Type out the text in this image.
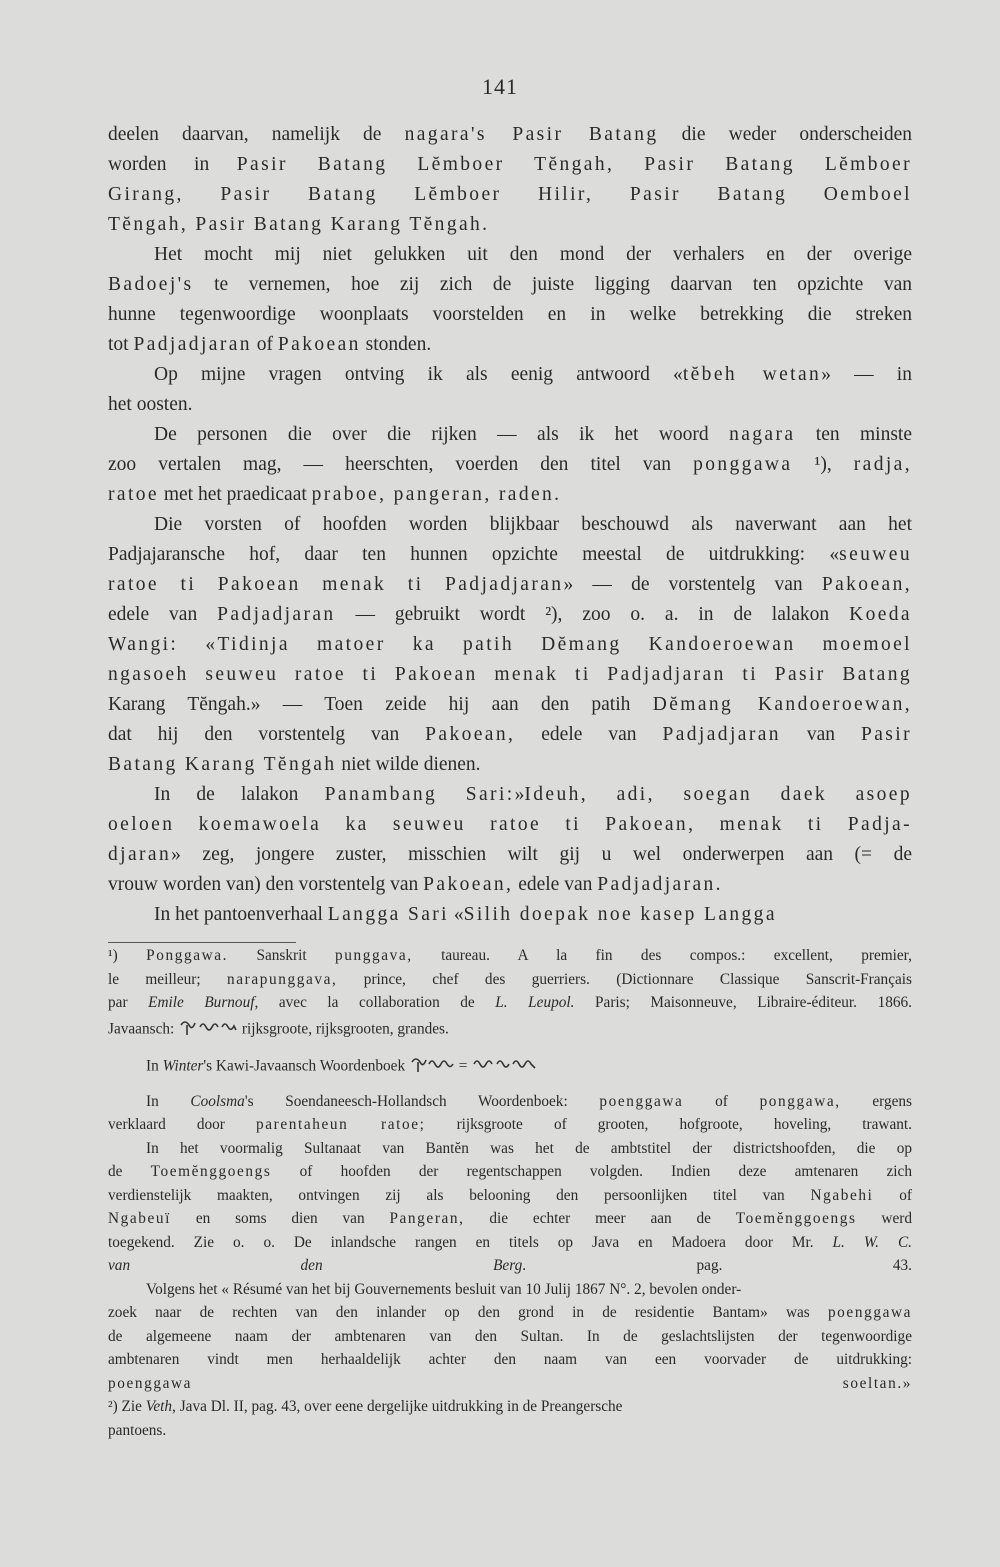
141
deelen daarvan, namelijk de nagara's Pasir Batang die weder onderscheiden
worden in Pasir Batang Lĕmboer Tĕngah, Pasir Batang Lĕmboer
Girang, Pasir Batang Lĕmboer Hilir, Pasir Batang Oemboel
Tĕngah, Pasir Batang Karang Tĕngah.
Het mocht mij niet gelukken uit den mond der verhalers en der overige
Badoej's te vernemen, hoe zij zich de juiste ligging daarvan ten opzichte van
hunne tegenwoordige woonplaats voorstelden en in welke betrekking die streken
tot Padjadjaran of Pakoean stonden.
Op mijne vragen ontving ik als eenig antwoord «tĕbeh wetan» — in
het oosten.
De personen die over die rijken — als ik het woord nagara ten minste
zoo vertalen mag, — heerschten, voerden den titel van ponggawa ¹), radja,
ratoe met het praedicaat praboe, pangeran, raden.
Die vorsten of hoofden worden blijkbaar beschouwd als naverwant aan het
Padjajaransche hof, daar ten hunnen opzichte meestal de uitdrukking: «seuweu
ratoe ti Pakoean menak ti Padjadjaran» — de vorstentelg van Pakoean,
edele van Padjadjaran — gebruikt wordt ²), zoo o. a. in de lalakon Koeda
Wangi: «Tidinja matoer ka patih Dĕmang Kandoeroewan moemoel
ngasoeh seuweu ratoe ti Pakoean menak ti Padjadjaran ti Pasir Batang
Karang Tĕngah.» — Toen zeide hij aan den patih Dĕmang Kandoeroewan,
dat hij den vorstentelg van Pakoean, edele van Padjadjaran van Pasir
Batang Karang Tĕngah niet wilde dienen.
In de lalakon Panambang Sari:»Ideuh, adi, soegan daek asoep
oeloen koemawoela ka seuweu ratoe ti Pakoean, menak ti Padja-
djaran» zeg, jongere zuster, misschien wilt gij u wel onderwerpen aan (= de
vrouw worden van) den vorstentelg van Pakoean, edele van Padjadjaran.
In het pantoenverhaal Langga Sari «Silih doepak noe kasep Langga
¹) Ponggawa. Sanskrit punggava, taureau. A la fin des compos.: excellent, premier,
le meilleur; narapunggava, prince, chef des guerriers. (Dictionnare Classique Sanscrit-Français
par Emile Burnouf, avec la collaboration de L. Leupol. Paris; Maisonneuve, Libraire-éditeur. 1866.
Javaansch:	rijksgroote, rijksgrooten, grandes.
In Winter's Kawi-Javaansch Woordenboek	=
In Coolsma's Soendaneesch-Hollandsch Woordenboek: poenggawa of ponggawa, ergens
verklaard door parentaheun ratoe; rijksgroote of grooten, hofgroote, hoveling, trawant.
In het voormalig Sultanaat van Bantĕn was het de ambtstitel der districtshoofden, die op
de Toemĕnggoengs of hoofden der regentschappen volgden. Indien deze amtenaren zich
verdienstelijk maakten, ontvingen zij als belooning den persoonlijken titel van Ngabehi of
Ngabeuï en soms dien van Pangeran, die echter meer aan de Toemĕnggoengs werd
toegekend. Zie o. o. De inlandsche rangen en titels op Java en Madoera door Mr. L. W. C.
van den Berg. pag. 43.
Volgens het « Résumé van het bij Gouvernements besluit van 10 Julij 1867 N°. 2, bevolen onder-
zoek naar de rechten van den inlander op den grond in de residentie Bantam» was poenggawa
de algemeene naam der ambtenaren van den Sultan. In de geslachtslijsten der tegenwoordige
ambtenaren vindt men herhaaldelijk achter den naam van een voorvader de uitdrukking:
poenggawa soeltan.»
²) Zie Veth, Java Dl. II, pag. 43, over eene dergelijke uitdrukking in de Preangersche
pantoens.
